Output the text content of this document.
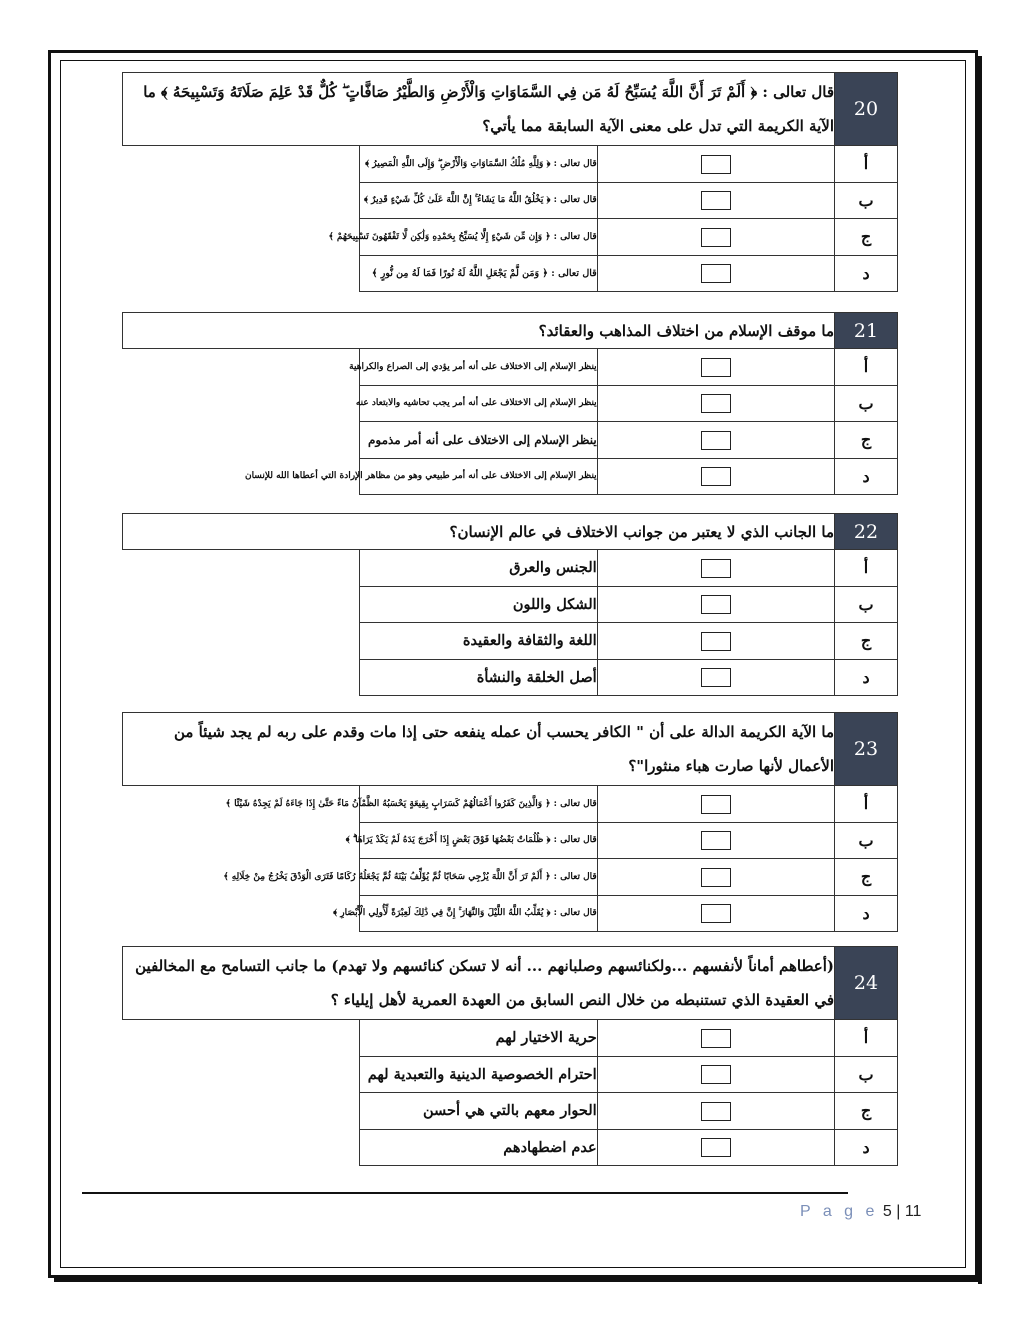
20	قال تعالى : ﴿ أَلَمْ تَرَ أَنَّ اللَّهَ يُسَبِّحُ لَهُ مَن فِي السَّمَاوَاتِ وَالْأَرْضِ وَالطَّيْرُ صَافَّاتٍ ۖ كُلٌّ قَدْ عَلِمَ صَلَاتَهُ وَتَسْبِيحَهُ ﴾ ما الآية الكريمة التي تدل على معنى الآية السابقة مما يأتي؟	
أ		قال تعالى : ﴿ وَلِلَّهِ مُلْكُ السَّمَاوَاتِ وَالْأَرْضِ ۖ وَإِلَى اللَّهِ الْمَصِيرُ ﴾
ب		قال تعالى : ﴿ يَخْلُقُ اللَّهُ مَا يَشَاءُ ۚ إِنَّ اللَّهَ عَلَىٰ كُلِّ شَيْءٍ قَدِيرٌ ﴾
ج		قال تعالى : ﴿ وَإِن مِّن شَيْءٍ إِلَّا يُسَبِّحُ بِحَمْدِهِ وَلَٰكِن لَّا تَفْقَهُونَ تَسْبِيحَهُمْ ﴾
د		قال تعالى : ﴿ وَمَن لَّمْ يَجْعَلِ اللَّهُ لَهُ نُورًا فَمَا لَهُ مِن نُّورٍ ﴾
21	ما موقف الإسلام من اختلاف المذاهب والعقائد؟	
أ		ينظر الإسلام إلى الاختلاف على أنه أمر يؤدي إلى الصراع والكراهية
ب		ينظر الإسلام إلى الاختلاف على أنه أمر يجب تحاشيه والابتعاد عنه
ج		ينظر الإسلام إلى الاختلاف على أنه أمر مذموم
د		ينظر الإسلام إلى الاختلاف على أنه أمر طبيعي وهو من مظاهر الإرادة التي أعطاها الله للإنسان
22	ما الجانب الذي لا يعتبر من جوانب الاختلاف في عالم الإنسان؟	
أ		الجنس والعرق
ب		الشكل واللون
ج		اللغة والثقافة والعقيدة
د		أصل الخلقة والنشأة
23	ما الآية الكريمة الدالة على أن " الكافر يحسب أن عمله ينفعه حتى إذا مات وقدم على ربه لم يجد شيئاً من الأعمال لأنها صارت هباء منثورا"؟	
أ		قال تعالى : ﴿ وَالَّذِينَ كَفَرُوا أَعْمَالُهُمْ كَسَرَابٍ بِقِيعَةٍ يَحْسَبُهُ الظَّمْآنُ مَاءً حَتَّىٰ إِذَا جَاءَهُ لَمْ يَجِدْهُ شَيْئًا ﴾
ب		قال تعالى : ﴿ ظُلُمَاتٌ بَعْضُهَا فَوْقَ بَعْضٍ إِذَا أَخْرَجَ يَدَهُ لَمْ يَكَدْ يَرَاهَا ۗ ﴾
ج		قال تعالى : ﴿ أَلَمْ تَرَ أَنَّ اللَّهَ يُزْجِي سَحَابًا ثُمَّ يُؤَلِّفُ بَيْنَهُ ثُمَّ يَجْعَلُهُ رُكَامًا فَتَرَى الْوَدْقَ يَخْرُجُ مِنْ خِلَالِهِ ﴾
د		قال تعالى : ﴿ يُقَلِّبُ اللَّهُ اللَّيْلَ وَالنَّهَارَ ۚ إِنَّ فِي ذَٰلِكَ لَعِبْرَةً لِّأُولِي الْأَبْصَارِ ﴾
24	(أعطاهم أماناً لأنفسهم ...ولكنائسهم وصلبانهم ... أنه لا تسكن كنائسهم ولا تهدم) ما جانب التسامح مع المخالفين في العقيدة الذي تستنبطه من خلال النص السابق من العهدة العمرية لأهل إيلياء ؟	
أ		حرية الاختيار لهم
ب		احترام الخصوصية الدينية والتعبدية لهم
ج		الحوار معهم بالتي هي أحسن
د		عدم اضطهادهم
P a g e 5 | 11
